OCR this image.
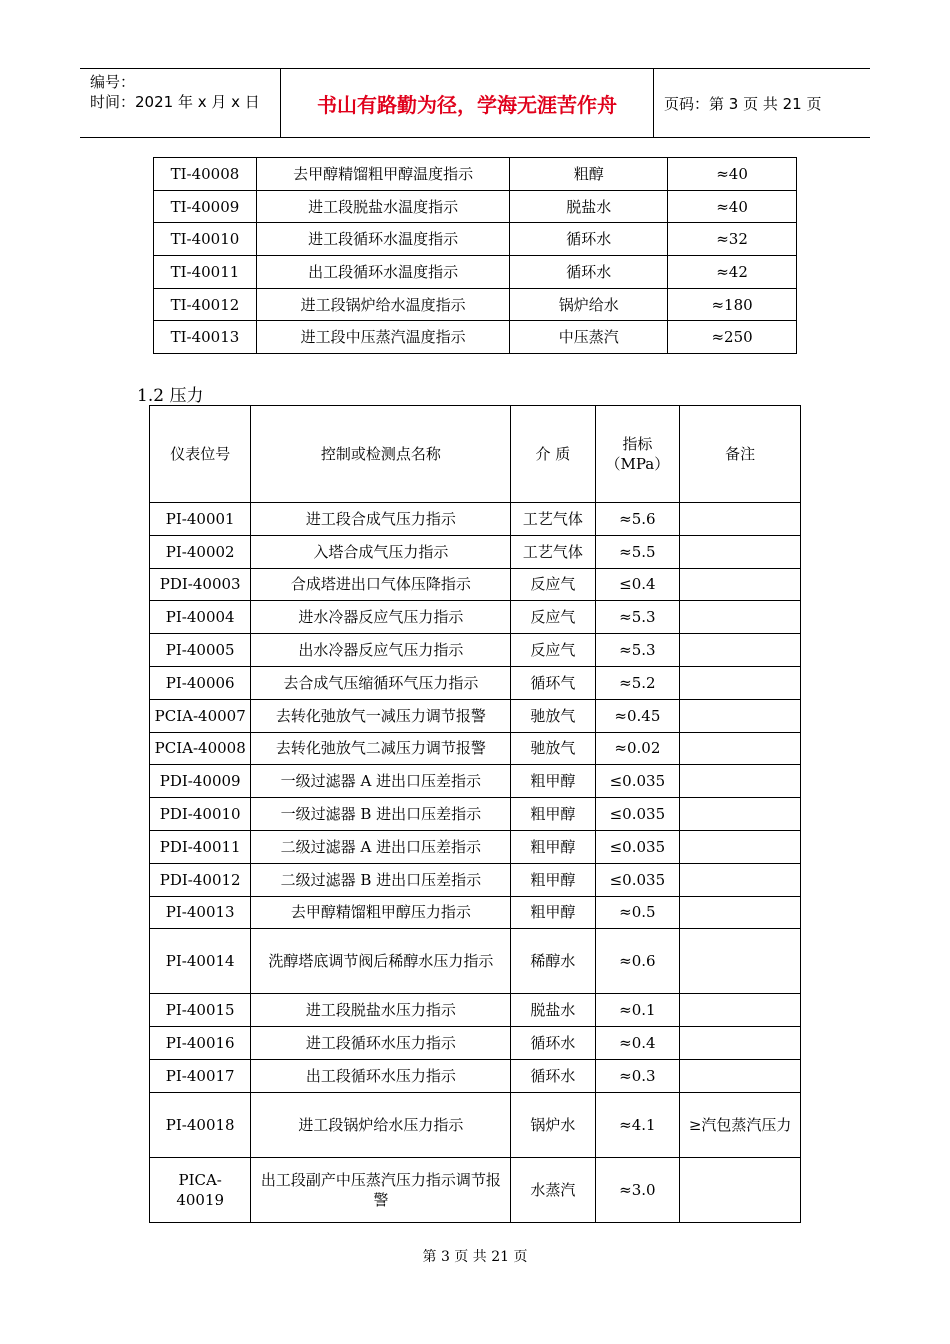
编号：
时间：2021 年 x 月 x 日	书山有路勤为径，学海无涯苦作舟	页码：第 3 页 共 21 页
TI-40008	去甲醇精馏粗甲醇温度指示	粗醇	≈40
TI-40009	进工段脱盐水温度指示	脱盐水	≈40
TI-40010	进工段循环水温度指示	循环水	≈32
TI-40011	出工段循环水温度指示	循环水	≈42
TI-40012	进工段锅炉给水温度指示	锅炉给水	≈180
TI-40013	进工段中压蒸汽温度指示	中压蒸汽	≈250
1.2 压力
仪表位号	控制或检测点名称	介 质	指标（MPa）	备注
PI-40001	进工段合成气压力指示	工艺气体	≈5.6	
PI-40002	入塔合成气压力指示	工艺气体	≈5.5	
PDI-40003	合成塔进出口气体压降指示	反应气	≤0.4	
PI-40004	进水冷器反应气压力指示	反应气	≈5.3	
PI-40005	出水冷器反应气压力指示	反应气	≈5.3	
PI-40006	去合成气压缩循环气压力指示	循环气	≈5.2	
PCIA-40007	去转化弛放气一减压力调节报警	驰放气	≈0.45	
PCIA-40008	去转化弛放气二减压力调节报警	驰放气	≈0.02	
PDI-40009	一级过滤器 A 进出口压差指示	粗甲醇	≤0.035	
PDI-40010	一级过滤器 B 进出口压差指示	粗甲醇	≤0.035	
PDI-40011	二级过滤器 A 进出口压差指示	粗甲醇	≤0.035	
PDI-40012	二级过滤器 B 进出口压差指示	粗甲醇	≤0.035	
PI-40013	去甲醇精馏粗甲醇压力指示	粗甲醇	≈0.5	
PI-40014	洗醇塔底调节阀后稀醇水压力指示	稀醇水	≈0.6	
PI-40015	进工段脱盐水压力指示	脱盐水	≈0.1	
PI-40016	进工段循环水压力指示	循环水	≈0.4	
PI-40017	出工段循环水压力指示	循环水	≈0.3	
PI-40018	进工段锅炉给水压力指示	锅炉水	≈4.1	≥汽包蒸汽压力
PICA- 40019	出工段副产中压蒸汽压力指示调节报警	水蒸汽	≈3.0	
第 3 页 共 21 页
